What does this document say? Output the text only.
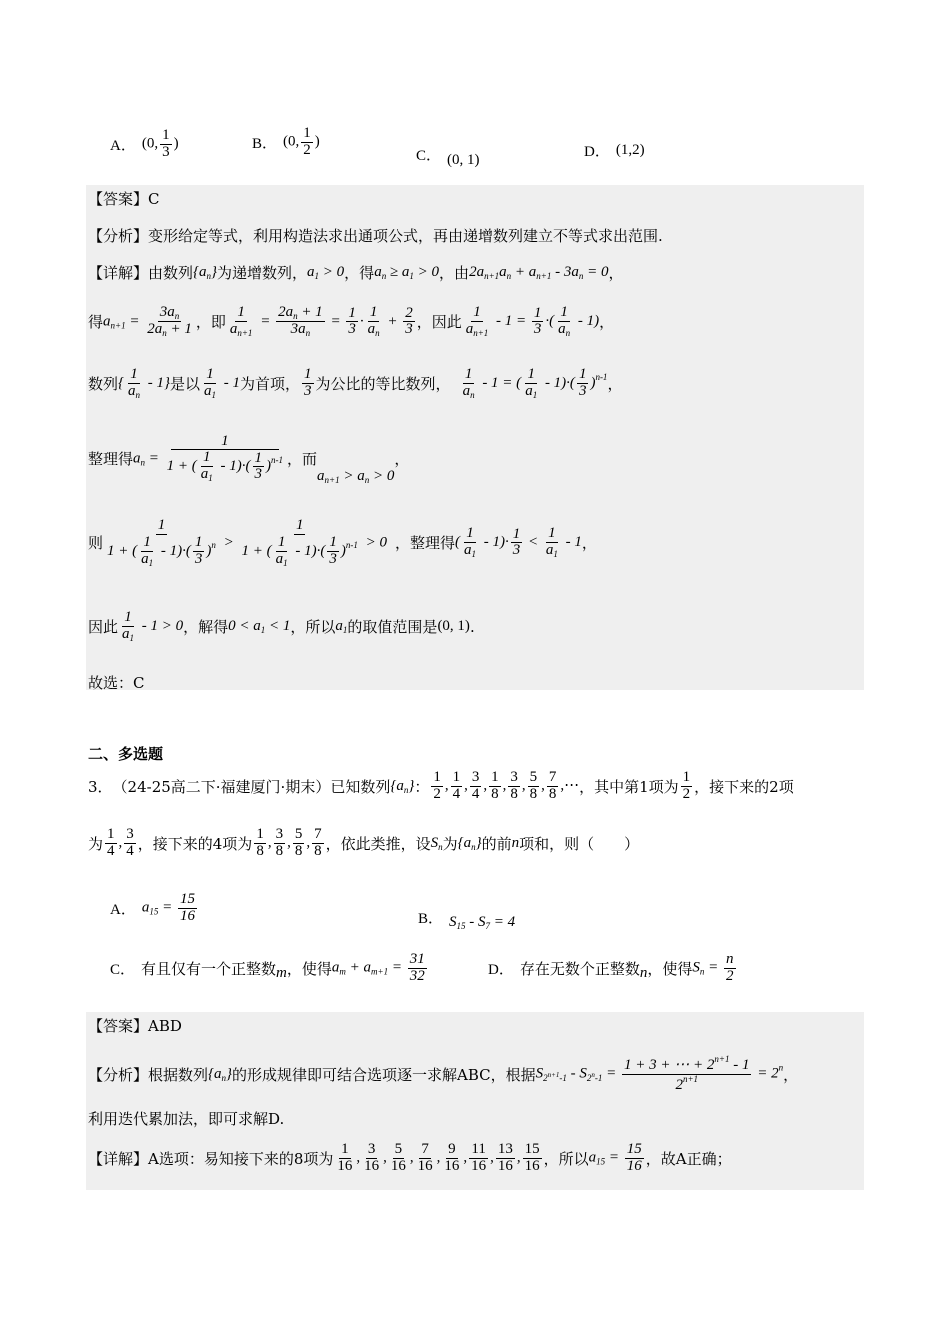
A． (0, $\frac{1}{3}$ )	B． (0, $\frac{1}{2}$ )
C． (0, 1)	D． (1,2)
【答案】 C
【分析】 变形给定等式，利用构造法求出通项公式，再由递增数列建立不等式求出范围.
【详解】 由数列 $\{a_n\}$ 为递增数列， $a_1 > 0$ ，得 $a_n \ge a_1 > 0$ ，由 $2a_{n+1}a_n + a_{n+1} - 3a_n = 0$ ，
得 $a_{n+1} = \frac{3a_n}{2a_n + 1}$ ，即 $\frac{1}{a_{n+1}} = \frac{2a_n + 1}{3a_n} = \frac{1}{3} \cdot \frac{1}{a_n} + \frac{2}{3}$ ，因此 $\frac{1}{a_{n+1}} - 1 = \frac{1}{3}$ ·( $\frac{1}{a_n} - 1$) ，
数列 { $\frac{1}{a_n} - 1$} 是以 $\frac{1}{a_1} - 1$ 为首项， $\frac{1}{3}$ 为公比的等比数列， $\frac{1}{a_n} - 1$ = ( $\frac{1}{a_1} - 1)\cdot( \frac{1}{3} )^{n-1}$ ，
整理得 $a_n = \frac{1}{1 + ( \frac{1}{a_1} - 1)\cdot( \frac{1}{3} )^{n-1}}$ ，而
$a_{n+1} > a_n > 0$
，
则 $\frac{1}{1 + ( \frac{1}{a_1} - 1)\cdot( \frac{1}{3} )^n} > \frac{1}{1 + ( \frac{1}{a_1} - 1)\cdot( \frac{1}{3} )^{n-1}} > 0$ ，整理得 ( $\frac{1}{a_1} - 1)\cdot \frac{1}{3} < \frac{1}{a_1} - 1$ ，
因此 $\frac{1}{a_1} - 1 > 0$ ，解得 $0 < a_1 < 1$ ，所以 $a_1$ 的取值范围是 (0, 1) .
故选：C
二、多选题
3． （24-25高二下·福建厦门·期末） 已知数列 $\{a_n\}$ ： $\frac{1}{2}$ , $\frac{1}{4}$ , $\frac{3}{4}$ , $\frac{1}{8}$ , $\frac{3}{8}$ , $\frac{5}{8}$ , $\frac{7}{8}$ ,⋯ ，其中第1项为 $\frac{1}{2}$ ，接下来的2项
为 $\frac{1}{4}$ , $\frac{3}{4}$ ，接下来的4项为 $\frac{1}{8}$ , $\frac{3}{8}$ , $\frac{5}{8}$ , $\frac{7}{8}$ ，依此类推，设 $S_n$ 为 $\{a_n\}$ 的前 n 项和，则（　　）
A． $a_{15} = \frac{15}{16}$	B． $S_{15} - S_7 = 4$
C． 有且仅有一个正整数 m ，使得 $a_m + a_{m+1} = \frac{31}{32}$	D． 存在无数个正整数 n ，使得 $S_n = \frac{n}{2}$
【答案】 ABD
【分析】 根据数列 $\{a_n\}$ 的形成规律即可结合选项逐一求解ABC，根据 $S_{2^{n+1}-1} - S_{2^n-1} = \frac{1 + 3 + \cdots + 2^{n+1} - 1}{2^{n+1}} = 2^n$ ，
利用迭代累加法，即可求解D.
【详解】 A选项：易知接下来的8项为 $\frac{1}{16}$ , $\frac{3}{16}$ , $\frac{5}{16}$ , $\frac{7}{16}$ , $\frac{9}{16}$ , $\frac{11}{16}$ , $\frac{13}{16}$ , $\frac{15}{16}$ ，所以 $a_{15} = \frac{15}{16}$ ，故A正确；
